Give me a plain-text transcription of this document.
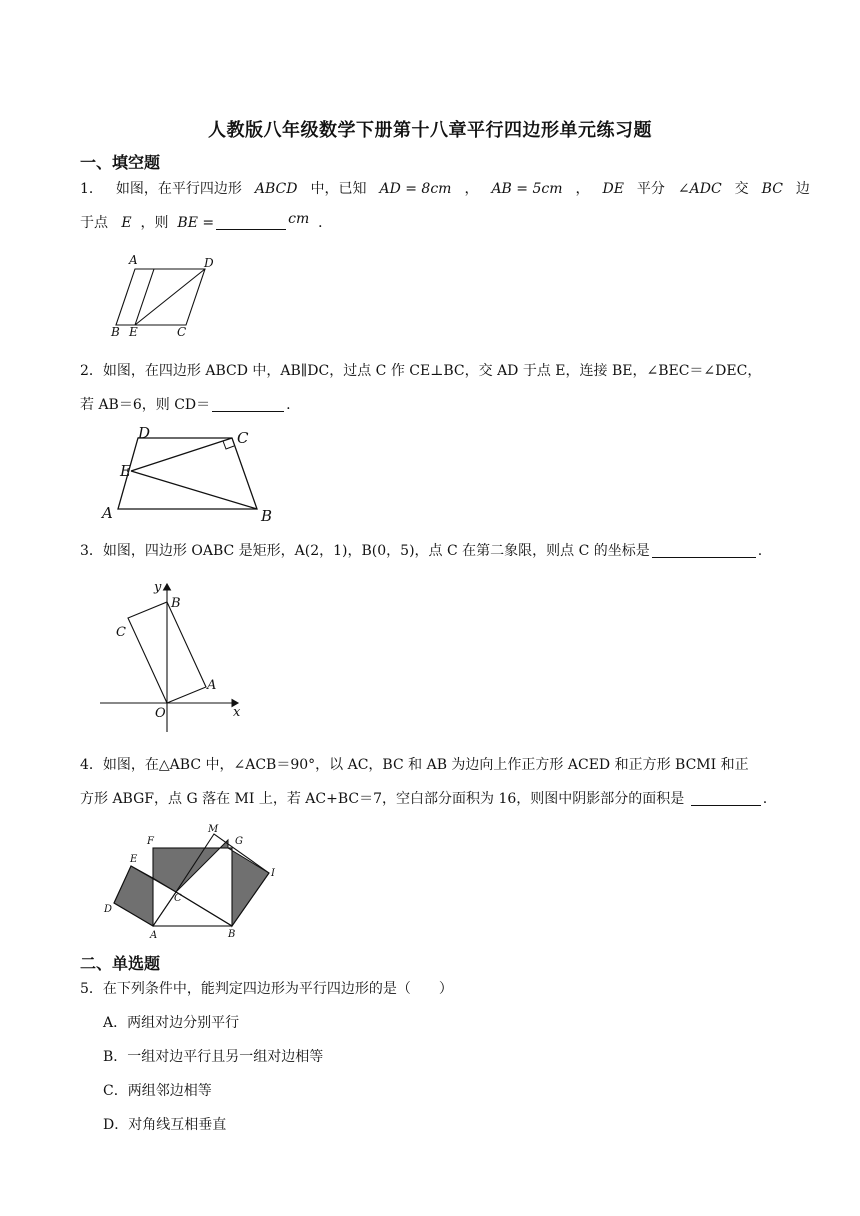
人教版八年级数学下册第十八章平行四边形单元练习题
一、填空题
1． 如图，在平行四边形 ABCD 中，已知 AD = 8cm ， AB = 5cm ， DE 平分 ∠ADC 交 BC 边
于点 E ，则 BE =	cm ．
A	D
B E	C
2．如图，在四边形 ABCD 中，AB∥DC，过点 C 作 CE⊥BC，交 AD 于点 E，连接 BE，∠BEC＝∠DEC，
若 AB＝6，则 CD＝	.
D	C
E
A	B
3．如图，四边形 OABC 是矩形，A(2，1)，B(0，5)，点 C 在第二象限，则点 C 的坐标是	.
y
B
C
A
O	x
4．如图，在△ABC 中，∠ACB＝90°，以 AC，BC 和 AB 为边向上作正方形 ACED 和正方形 BCMI 和正
方形 ABGF，点 G 落在 MI 上，若 AC+BC＝7，空白部分面积为 16，则图中阴影部分的面积是	.
F
M
G
E
I
C
D
A	B
二、单选题
5．在下列条件中，能判定四边形为平行四边形的是（　　）
A．两组对边分别平行
B．一组对边平行且另一组对边相等
C．两组邻边相等
D．对角线互相垂直
